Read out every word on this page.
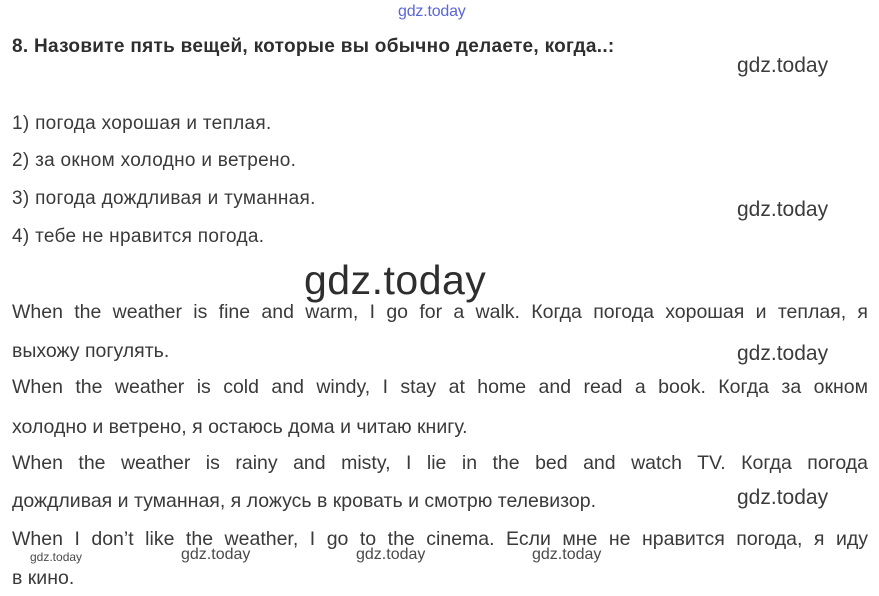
gdz.today
8. Назовите пять вещей, которые вы обычно делаете, когда..:
gdz.today
1) погода хорошая и теплая.
2) за окном холодно и ветрено.
3) погода дождливая и туманная.	gdz.today
4) тебе не нравится погода.
gdz.today
When the weather is fine and warm, I go for a walk. Когда погода хорошая и теплая, я
выхожу погулять.	gdz.today
When the weather is cold and windy, I stay at home and read a book. Когда за окном
холодно и ветрено, я остаюсь дома и читаю книгу.
When the weather is rainy and misty, I lie in the bed and watch TV. Когда погода
дождливая и туманная, я ложусь в кровать и смотрю телевизор.	gdz.today
When I don’t like the weather, I go to the cinema. Если мне не нравится погода, я иду
в кино.
gdz.today	gdz.today	gdz.today	gdz.today
